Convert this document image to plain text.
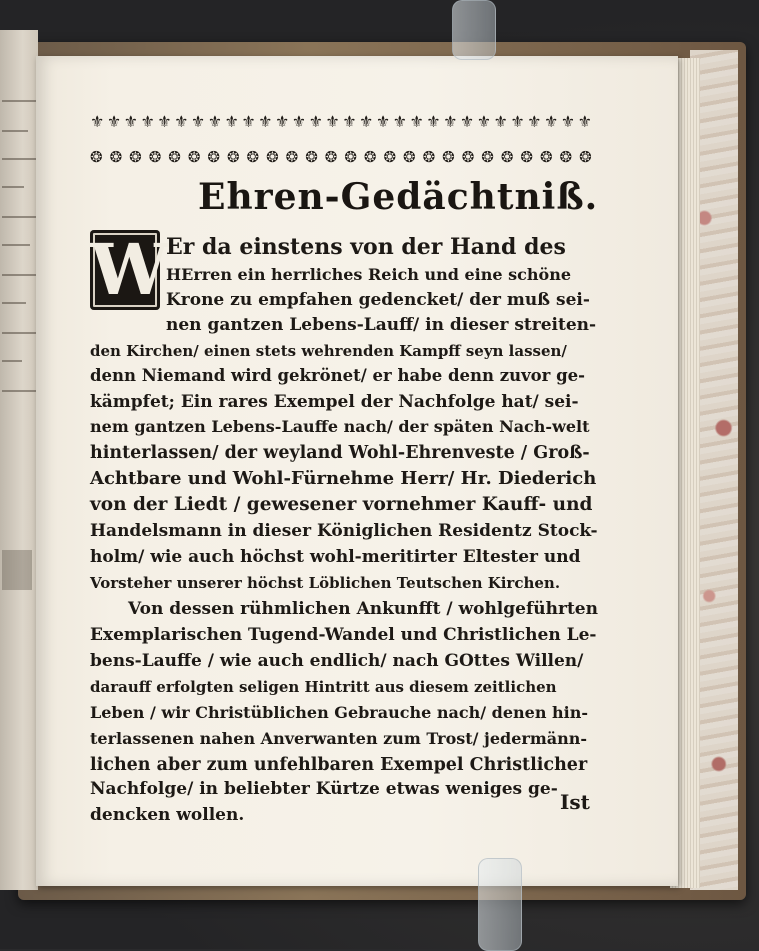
⚜ ⚜ ⚜ ⚜ ⚜ ⚜ ⚜ ⚜ ⚜ ⚜ ⚜ ⚜ ⚜ ⚜ ⚜ ⚜ ⚜ ⚜ ⚜ ⚜ ⚜ ⚜ ⚜ ⚜ ⚜ ⚜ ⚜ ⚜ ⚜ ⚜
❂ ❂ ❂ ❂ ❂ ❂ ❂ ❂ ❂ ❂ ❂ ❂ ❂ ❂ ❂ ❂ ❂ ❂ ❂ ❂ ❂ ❂ ❂ ❂ ❂ ❂
Ehren-Gedächtniß.
W
Er da einstens von der Hand des
HErren ein herrliches Reich und eine schöne
Krone zu empfahen gedencket/ der muß sei-
nen gantzen Lebens-Lauff/ in dieser streiten-
den Kirchen/ einen stets wehrenden Kampff seyn lassen/
denn Niemand wird gekrönet/ er habe denn zuvor ge-
kämpfet; Ein rares Exempel der Nachfolge hat/ sei-
nem gantzen Lebens-Lauffe nach/ der späten Nach-welt
hinterlassen/ der weyland Wohl-Ehrenveste / Groß-
Achtbare und Wohl-Fürnehme Herr/ Hr. Diederich
von der Liedt / gewesener vornehmer Kauff- und
Handelsmann in dieser Königlichen Residentz Stock-
holm/ wie auch höchst wohl-meritirter Eltester und
Vorsteher unserer höchst Löblichen Teutschen Kirchen.
Von dessen rühmlichen Ankunfft / wohlgeführten
Exemplarischen Tugend-Wandel und Christlichen Le-
bens-Lauffe / wie auch endlich/ nach GOttes Willen/
darauff erfolgten seligen Hintritt aus diesem zeitlichen
Leben / wir Christüblichen Gebrauche nach/ denen hin-
terlassenen nahen Anverwanten zum Trost/ jedermänn-
lichen aber zum unfehlbaren Exempel Christlicher
Nachfolge/ in beliebter Kürtze etwas weniges ge-
dencken wollen.
Ist
